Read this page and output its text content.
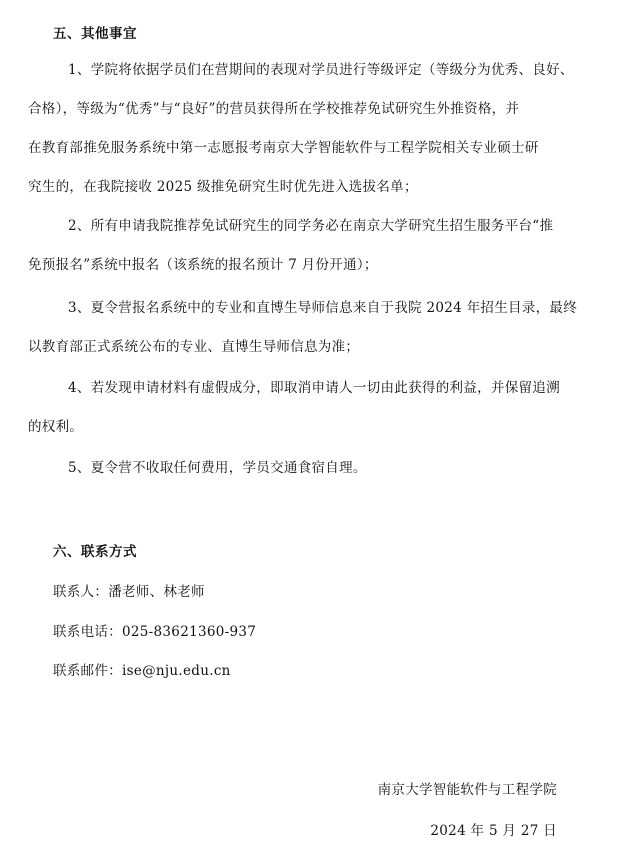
五、其他事宜
1、学院将依据学员们在营期间的表现对学员进行等级评定（等级分为优秀、良好、
合格），等级为“优秀”与“良好”的营员获得所在学校推荐免试研究生外推资格，并
在教育部推免服务系统中第一志愿报考南京大学智能软件与工程学院相关专业硕士研
究生的，在我院接收 2025 级推免研究生时优先进入选拔名单；
2、所有申请我院推荐免试研究生的同学务必在南京大学研究生招生服务平台“推
免预报名”系统中报名（该系统的报名预计 7 月份开通）；
3、夏令营报名系统中的专业和直博生导师信息来自于我院 2024 年招生目录，最终
以教育部正式系统公布的专业、直博生导师信息为准；
4、若发现申请材料有虚假成分，即取消申请人一切由此获得的利益，并保留追溯
的权利。
5、夏令营不收取任何费用，学员交通食宿自理。
六、联系方式
联系人：潘老师、林老师
联系电话：025-83621360-937
联系邮件：ise@nju.edu.cn
南京大学智能软件与工程学院
2024 年 5 月 27 日
